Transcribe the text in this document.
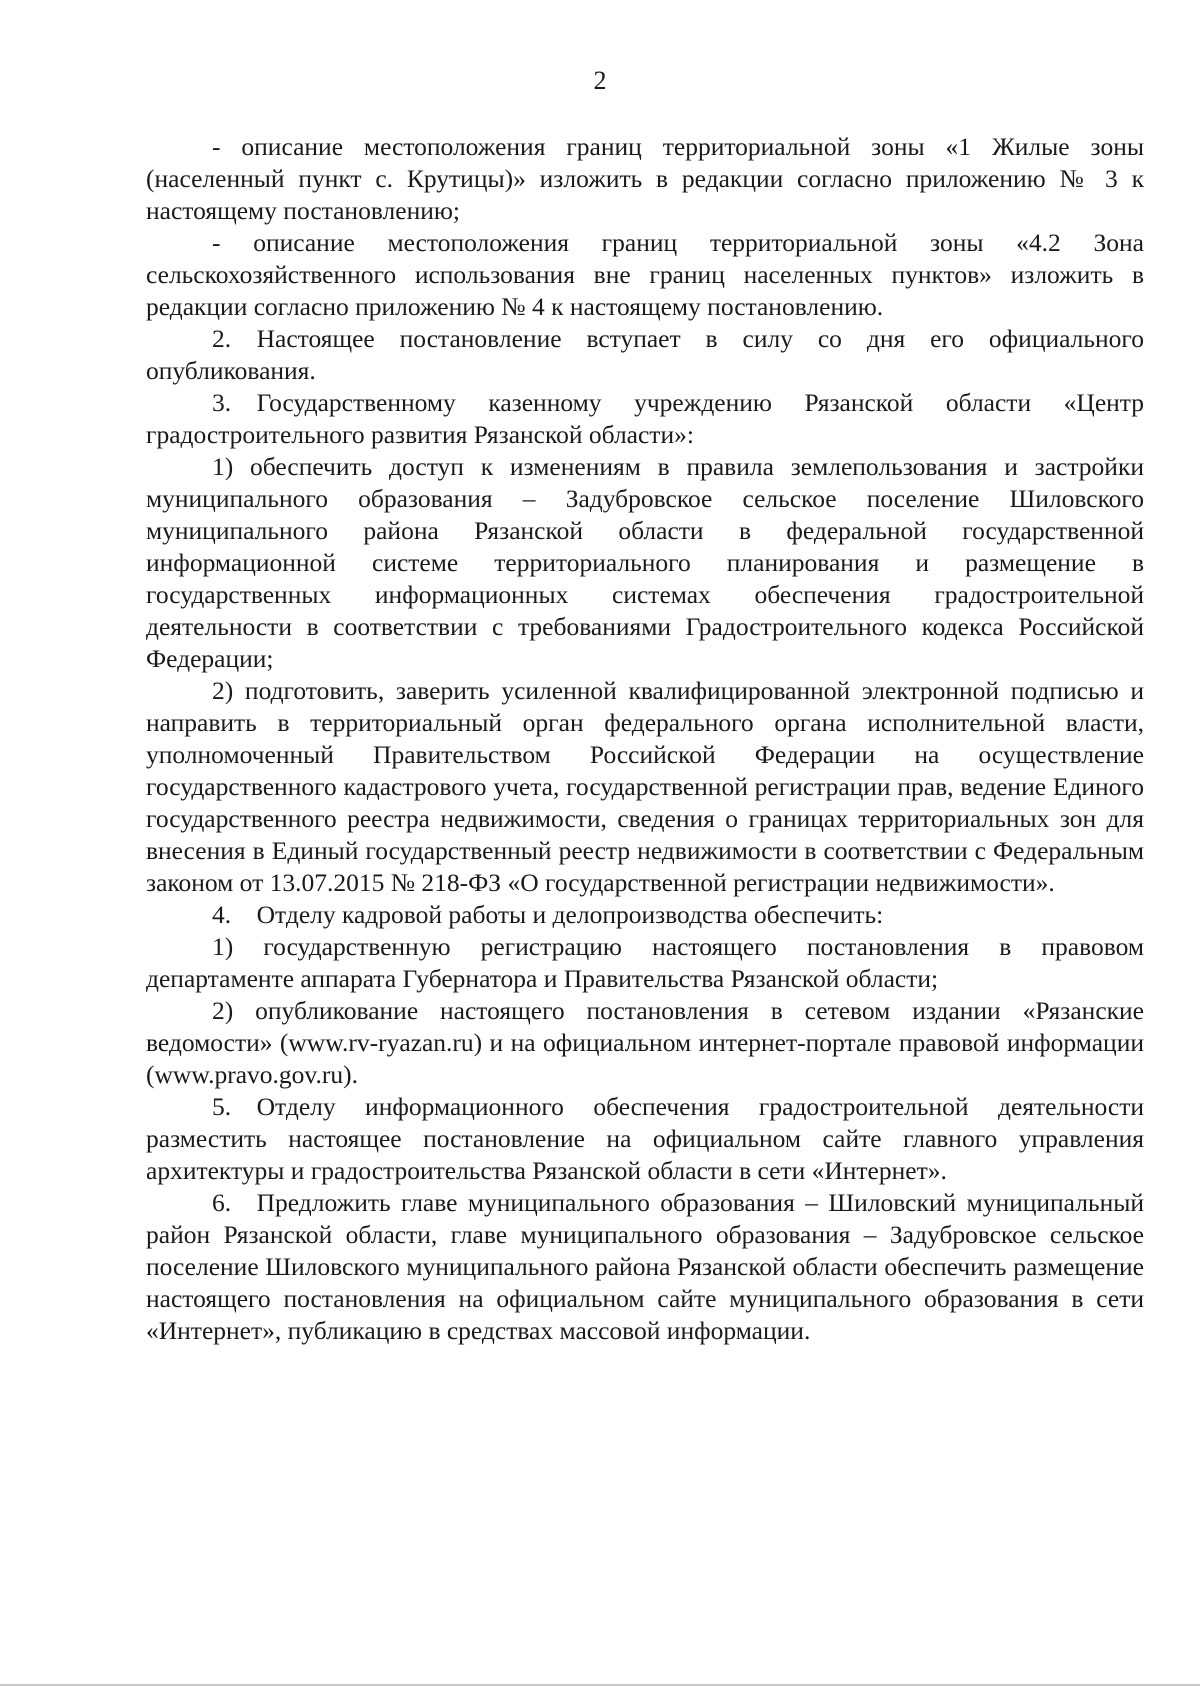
2

- описание местоположения границ территориальной зоны «1 Жилые зоны (населенный пункт с. Крутицы)» изложить в редакции согласно приложению № 3 к настоящему постановлению;

- описание местоположения границ территориальной зоны «4.2 Зона сельскохозяйственного использования вне границ населенных пунктов» изложить в редакции согласно приложению № 4 к настоящему постановлению.

2. Настоящее постановление вступает в силу со дня его официального опубликования.

3. Государственному казенному учреждению Рязанской области «Центр градостроительного развития Рязанской области»:

1) обеспечить доступ к изменениям в правила землепользования и застройки муниципального образования – Задубровское сельское поселение Шиловского муниципального района Рязанской области в федеральной государственной информационной системе территориального планирования и размещение в государственных информационных системах обеспечения градостроительной деятельности в соответствии с требованиями Градостроительного кодекса Российской Федерации;

2) подготовить, заверить усиленной квалифицированной электронной подписью и направить в территориальный орган федерального органа исполнительной власти, уполномоченный Правительством Российской Федерации на осуществление государственного кадастрового учета, государственной регистрации прав, ведение Единого государственного реестра недвижимости, сведения о границах территориальных зон для внесения в Единый государственный реестр недвижимости в соответствии с Федеральным законом от 13.07.2015 № 218-ФЗ «О государственной регистрации недвижимости».

4. Отделу кадровой работы и делопроизводства обеспечить:

1) государственную регистрацию настоящего постановления в правовом департаменте аппарата Губернатора и Правительства Рязанской области;

2) опубликование настоящего постановления в сетевом издании «Рязанские ведомости» (www.rv-ryazan.ru) и на официальном интернет-портале правовой информации (www.pravo.gov.ru).

5. Отделу информационного обеспечения градостроительной деятельности разместить настоящее постановление на официальном сайте главного управления архитектуры и градостроительства Рязанской области в сети «Интернет».

6. Предложить главе муниципального образования – Шиловский муниципальный район Рязанской области, главе муниципального образования – Задубровское сельское поселение Шиловского муниципального района Рязанской области обеспечить размещение настоящего постановления на официальном сайте муниципального образования в сети «Интернет», публикацию в средствах массовой информации.
